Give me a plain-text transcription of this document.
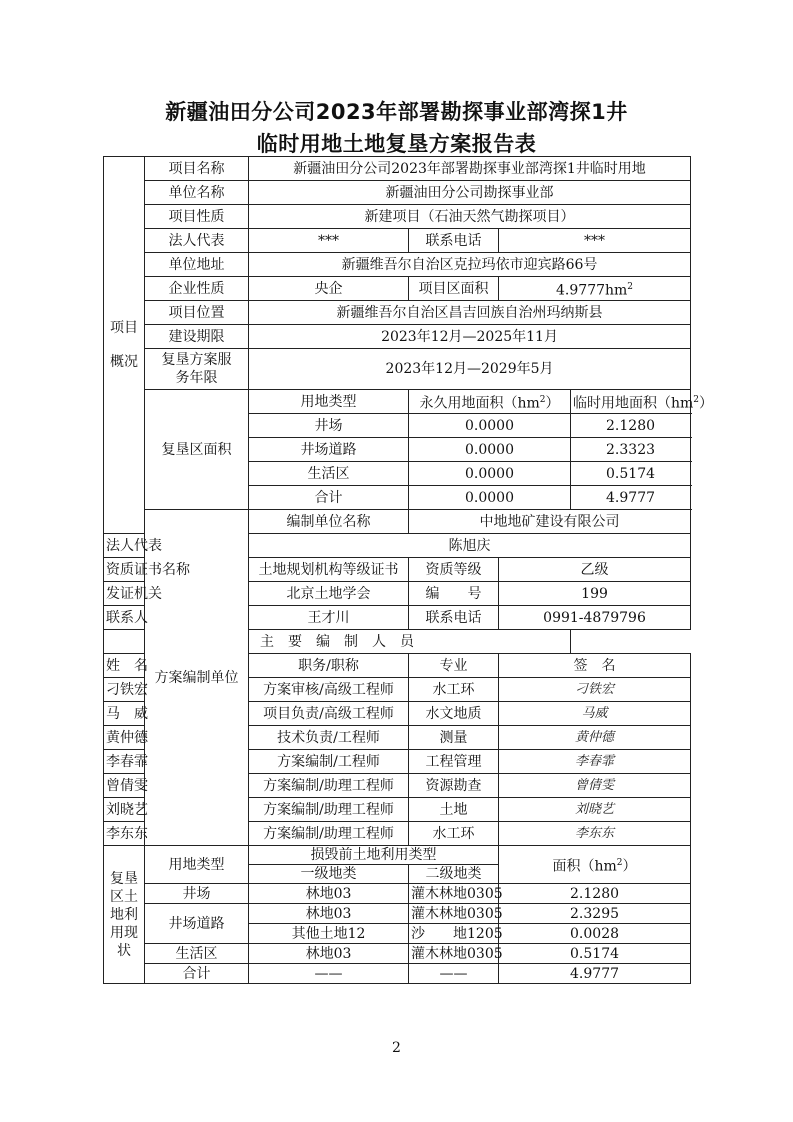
新疆油田分公司2023年部署勘探事业部湾探1井
临时用地土地复垦方案报告表
项目概况	项目名称	新疆油田分公司2023年部署勘探事业部湾探1井临时用地			
	单位名称	新疆油田分公司勘探事业部			
	项目性质	新建项目（石油天然气勘探项目）			
	法人代表	***	联系电话	***	
	单位地址	新疆维吾尔自治区克拉玛依市迎宾路66号			
	企业性质	央企	项目区面积	$4.9777hm^2$
	项目位置	新疆维吾尔自治区昌吉回族自治州玛纳斯县			
	建设期限	2023年12月—2025年11月			
	复垦方案服务年限	2023年12月—2029年5月			
	复垦区面积	用地类型	永久用地面积$(hm^2)$		临时用地面积$(hm^2)$
		井场	0.0000		2.1280
		井场道路	0.0000		2.3323
		生活区	0.0000		0.5174
		合计	0.0000		4.9777
	方案编制单位	编制单位名称	中地地矿建设有限公司		
法人代表		陈旭庆			
资质证书名称		土地规划机构等级证书	资质等级	乙级	
发证机关		北京土地学会	编　　号	199	
联系人		王才川	联系电话	0991-4879796	
主　要　编　制　人　员					
姓　名		职务/职称	专业	签　名	
刁铁宏		方案审核/高级工程师	水工环	刁铁宏	
马　威		项目负责/高级工程师	水文地质	马威	
黄仲德		技术负责/工程师	测量	黄仲德	
李春霏		方案编制/工程师	工程管理	李春霏	
曾倩雯		方案编制/助理工程师	资源勘查	曾倩雯	
刘晓艺		方案编制/助理工程师	土地	刘晓艺	
李东东		方案编制/助理工程师	水工环	李东东	
复垦区土地利用现状	用地类型	损毁前土地利用类型		面积$(hm^2)$	
		一级地类	二级地类		
	井场	林地03	灌木林地0305	2.1280	
	井场道路	林地03	灌木林地0305	2.3295	
		其他土地12	沙　　地1205	0.0028	
	生活区	林地03	灌木林地0305	0.5174	
	合计	——	——	4.9777	
2
